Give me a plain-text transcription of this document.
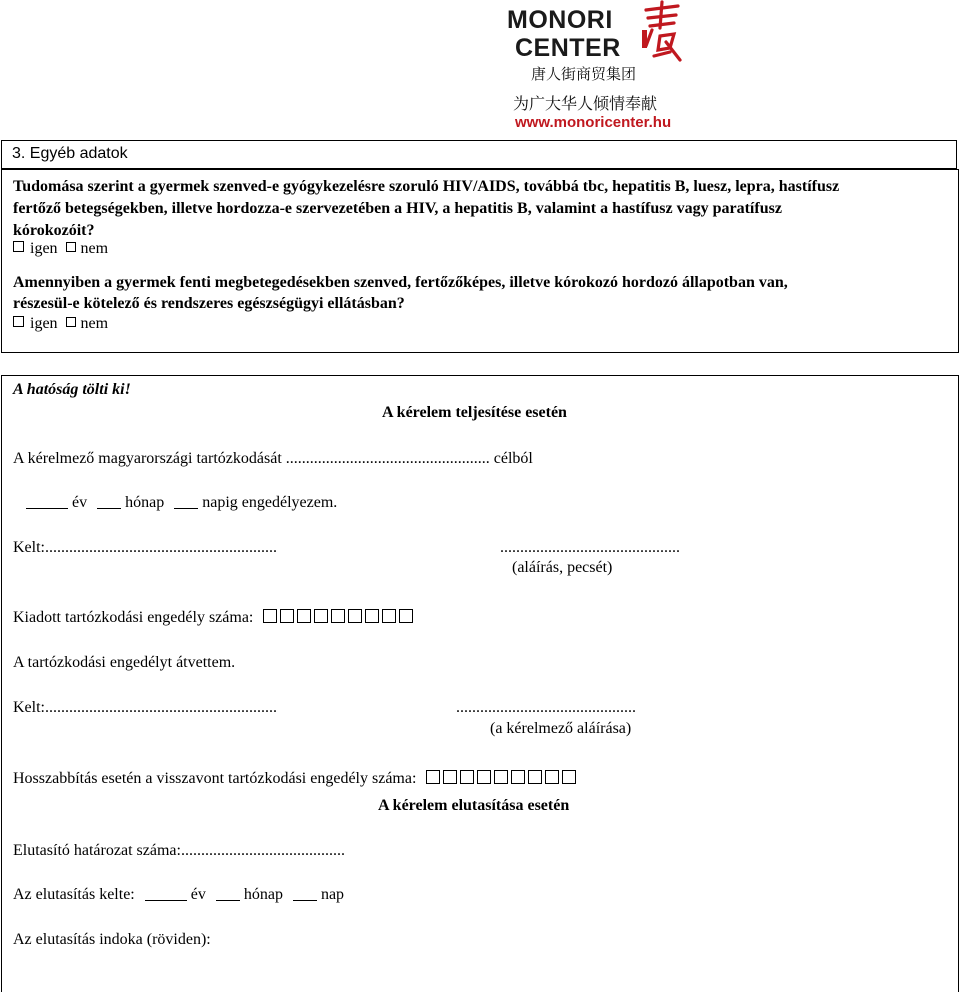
MONORI
CENTER
唐人街商贸集团
为广大华人倾情奉献
www.monoricenter.hu
3. Egyéb adatok
Tudomása szerint a gyermek szenved-e gyógykezelésre szoruló HIV/AIDS, továbbá tbc, hepatitis B, luesz, lepra, hastífusz
fertőző betegségekben, illetve hordozza-e szervezetében a HIV, a hepatitis B, valamint a hastífusz vagy paratífusz
kórokozóit?
igen nem
Amennyiben a gyermek fenti megbetegedésekben szenved, fertőzőképes, illetve kórokozó hordozó állapotban van,
részesül-e kötelező és rendszeres egészségügyi ellátásban?
igen nem
A hatóság tölti ki!
A kérelem teljesítése esetén
A kérelmező magyarországi tartózkodását ................................................... célból
év hónap napig engedélyezem.
Kelt:..........................................................	.............................................
(aláírás, pecsét)
Kiadott tartózkodási engedély száma:
A tartózkodási engedélyt átvettem.
Kelt:..........................................................	.............................................
(a kérelmező aláírása)
Hosszabbítás esetén a visszavont tartózkodási engedély száma:
A kérelem elutasítása esetén
Elutasító határozat száma:.........................................
Az elutasítás kelte:	év hónap nap
Az elutasítás indoka (röviden):
